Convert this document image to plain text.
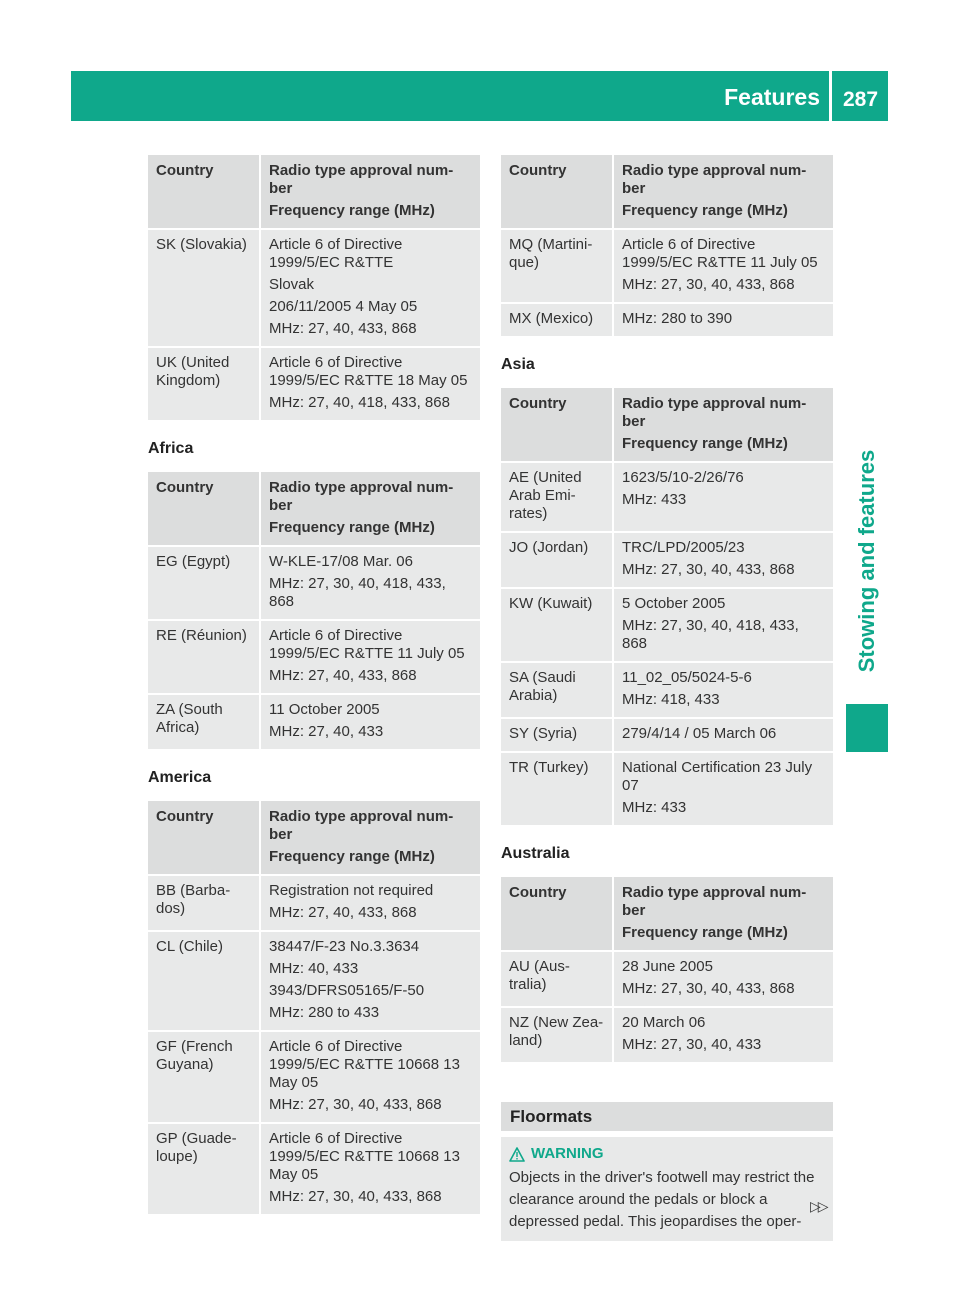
Features 287
Stowing and features
Country	Radio type approval num-
ber
Frequency range (MHz)

SK (Slovakia)	Article 6 of Directive 1999/5/EC R&TTE

Slovak

206/11/2005 4 May 05

MHz: 27, 40, 433, 868

UK (United Kingdom)	Article 6 of Directive 1999/5/EC R&TTE 18 May 05

MHz: 27, 40, 418, 433, 868

Africa
Country	Radio type approval num-
ber
Frequency range (MHz)

EG (Egypt)	W-KLE-17/08 Mar. 06

MHz: 27, 30, 40, 418, 433, 868

RE (Réunion)	Article 6 of Directive 1999/5/EC R&TTE 11 July 05

MHz: 27, 40, 433, 868

ZA (South Africa)	11 October 2005

MHz: 27, 40, 433

America
Country	Radio type approval num-
ber
Frequency range (MHz)

BB (Barba-dos)	Registration not required

MHz: 27, 40, 433, 868

CL (Chile)	38447/F-23 No.3.3634

MHz: 40, 433

3943/DFRS05165/F-50

MHz: 280 to 433

GF (French Guyana)	Article 6 of Directive 1999/5/EC R&TTE 10668 13 May 05

MHz: 27, 30, 40, 433, 868

GP (Guade-loupe)	Article 6 of Directive 1999/5/EC R&TTE 10668 13 May 05

MHz: 27, 30, 40, 433, 868

Country	Radio type approval num-
ber
Frequency range (MHz)

MQ (Martini-que)	Article 6 of Directive 1999/5/EC R&TTE 11 July 05

MHz: 27, 30, 40, 433, 868

MX (Mexico)	MHz: 280 to 390

Asia
Country	Radio type approval num-
ber
Frequency range (MHz)

AE (United Arab Emi-rates)	1623/5/10-2/26/76

MHz: 433

JO (Jordan)	TRC/LPD/2005/23

MHz: 27, 30, 40, 433, 868

KW (Kuwait)	5 October 2005

MHz: 27, 30, 40, 418, 433, 868

SA (Saudi Arabia)	11_02_05/5024-5-6

MHz: 418, 433

SY (Syria)	279/4/14 / 05 March 06

TR (Turkey)	National Certification 23 July 07

MHz: 433

Australia
Country	Radio type approval num-
ber
Frequency range (MHz)

AU (Aus-tralia)	28 June 2005

MHz: 27, 30, 40, 433, 868

NZ (New Zea-land)	20 March 06

MHz: 27, 30, 40, 433

Floormats
WARNING
Objects in the driver's footwell may restrict the clearance around the pedals or block a depressed pedal. This jeopardises the oper-
▷▷
